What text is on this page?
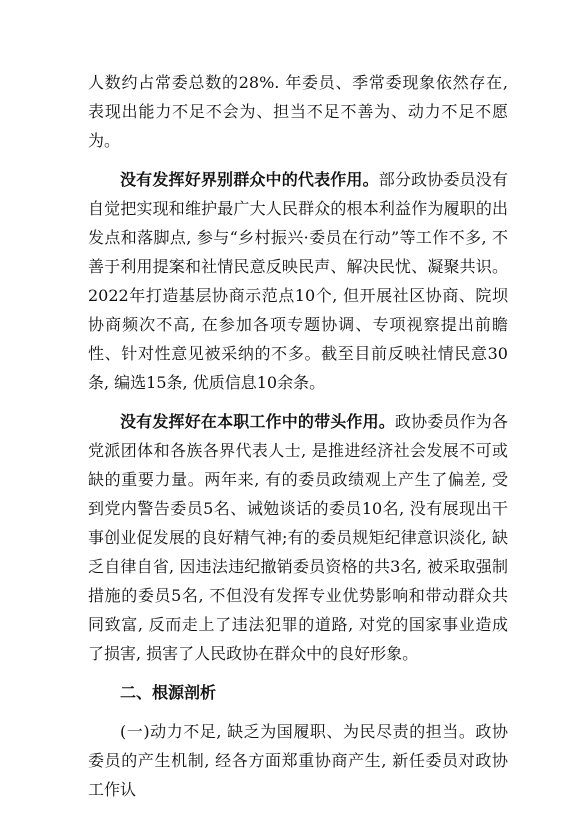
人数约占常委总数的28%. 年委员、季常委现象依然存在, 表现出能力不足不会为、担当不足不善为、动力不足不愿为。

没有发挥好界别群众中的代表作用。部分政协委员没有自觉把实现和维护最广大人民群众的根本利益作为履职的出发点和落脚点, 参与“乡村振兴·委员在行动”等工作不多, 不善于利用提案和社情民意反映民声、解决民忧、凝聚共识。2022年打造基层协商示范点10个, 但开展社区协商、院坝协商频次不高, 在参加各项专题协调、专项视察提出前瞻性、针对性意见被采纳的不多。截至目前反映社情民意30条, 编选15条, 优质信息10余条。

没有发挥好在本职工作中的带头作用。政协委员作为各党派团体和各族各界代表人士, 是推进经济社会发展不可或缺的重要力量。两年来, 有的委员政绩观上产生了偏差, 受到党内警告委员5名、诫勉谈话的委员10名, 没有展现出干事创业促发展的良好精气神;有的委员规矩纪律意识淡化, 缺乏自律自省, 因违法违纪撤销委员资格的共3名, 被采取强制措施的委员5名, 不但没有发挥专业优势影响和带动群众共同致富, 反而走上了违法犯罪的道路, 对党的国家事业造成了损害, 损害了人民政协在群众中的良好形象。

二、根源剖析

(一)动力不足, 缺乏为国履职、为民尽责的担当。政协委员的产生机制, 经各方面郑重协商产生, 新任委员对政协工作认
